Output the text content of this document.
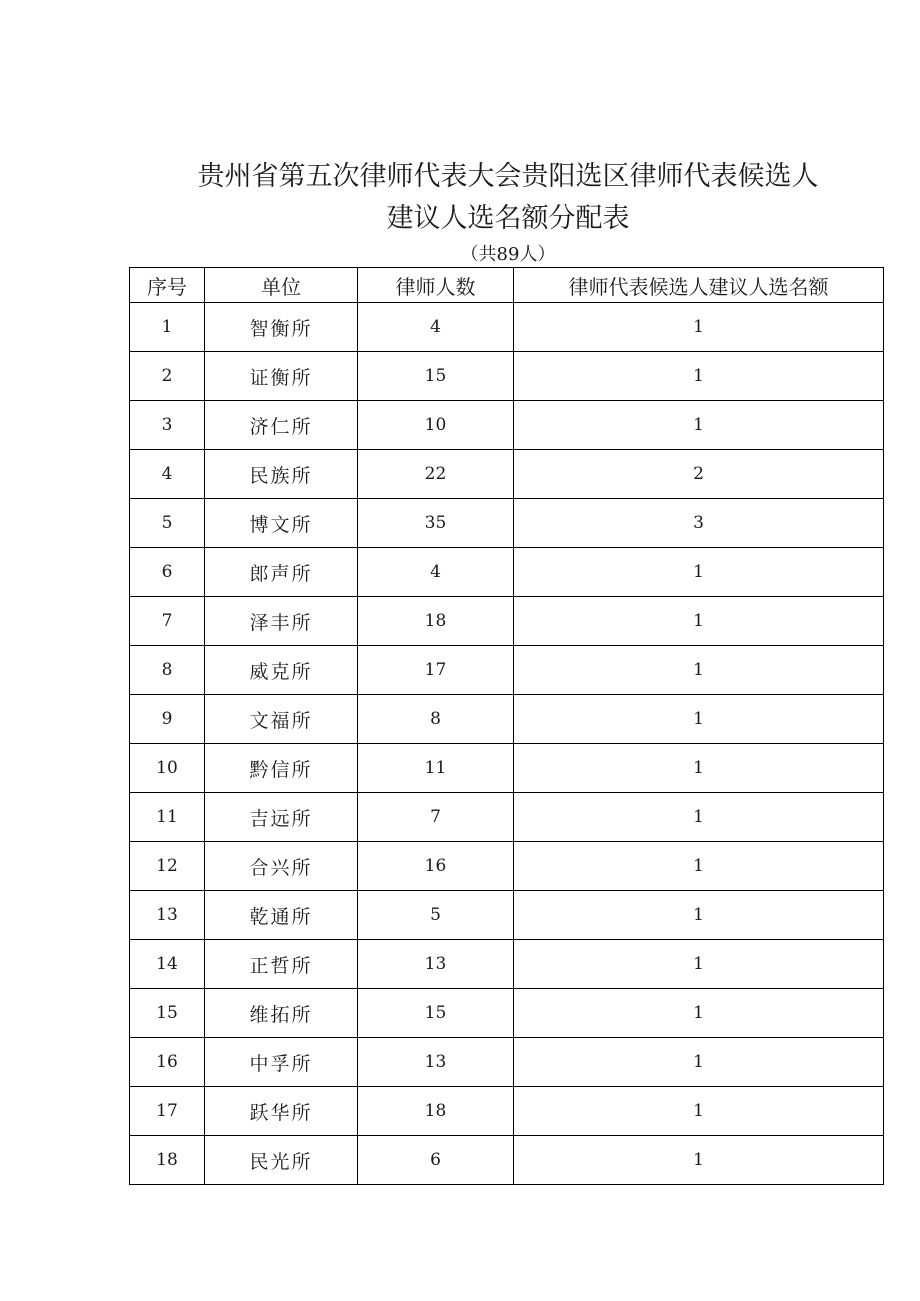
贵州省第五次律师代表大会贵阳选区律师代表候选人
建议人选名额分配表
（共89人）
序号	单位	律师人数	律师代表候选人建议人选名额
1	智衡所	4	1
2	证衡所	15	1
3	济仁所	10	1
4	民族所	22	2
5	博文所	35	3
6	郎声所	4	1
7	泽丰所	18	1
8	威克所	17	1
9	文福所	8	1
10	黔信所	11	1
11	吉远所	7	1
12	合兴所	16	1
13	乾通所	5	1
14	正哲所	13	1
15	维拓所	15	1
16	中孚所	13	1
17	跃华所	18	1
18	民光所	6	1
